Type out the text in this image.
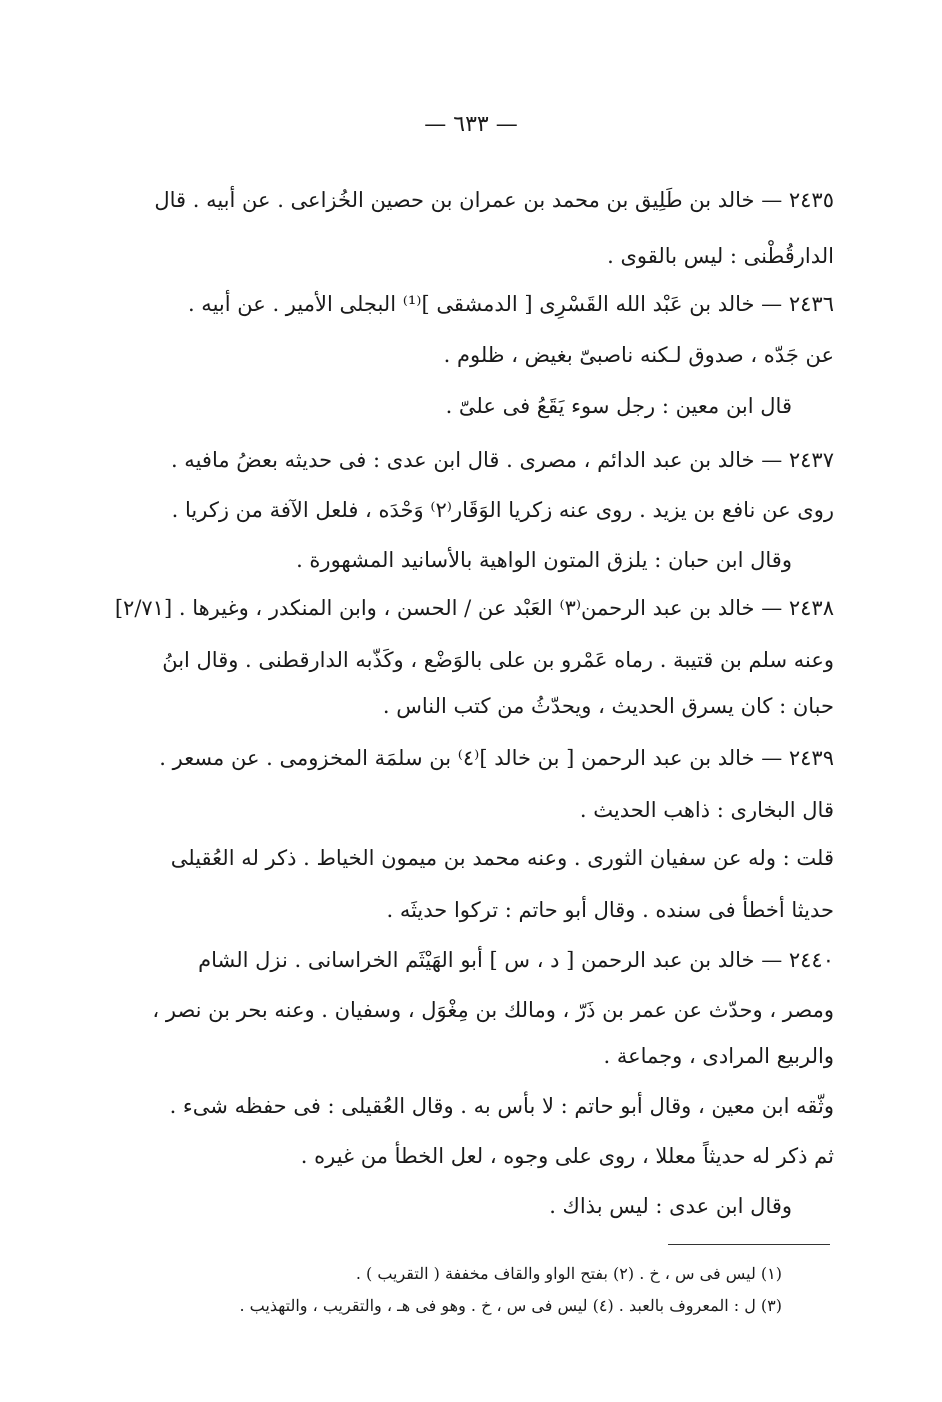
— ٦٣٣ —
٢٤٣٥ — خالد بن طَلِيق بن محمد بن عمران بن حصين الخُزاعى . عن أبيه . قال
الدارقُطْنى : ليس بالقوى .
٢٤٣٦ — خالد بن عَبْد الله القَسْرِى [ الدمشقى ]⁽¹⁾ البجلى الأمير . عن أبيه .
عن جَدّه ، صدوق لـكنه ناصبىّ بغيض ، ظلوم .
قال ابن معين : رجل سوء يَقَعُ فى علىّ .
٢٤٣٧ — خالد بن عبد الدائم ، مصرى . قال ابن عدى : فى حديثه بعضُ مافيه .
روى عن نافع بن يزيد . روى عنه زكريا الوَقَار⁽٢⁾ وَحْدَه ، فلعل الآفة من زكريا .
وقال ابن حبان : يلزق المتون الواهية بالأسانيد المشهورة .
٢٤٣٨ — خالد بن عبد الرحمن⁽٣⁾ العَبْد عن / الحسن ، وابن المنكدر ، وغيرها . [٢/٧١]
وعنه سلم بن قتيبة . رماه عَمْرو بن على بالوَضْع ، وكَذّبه الدارقطنى . وقال ابنُ
حبان : كان يسرق الحديث ، ويحدّثُ من كتب الناس .
٢٤٣٩ — خالد بن عبد الرحمن [ بن خالد ]⁽٤⁾ بن سلمَة المخزومى . عن مسعر .
قال البخارى : ذاهب الحديث .
قلت : وله عن سفيان الثورى . وعنه محمد بن ميمون الخياط . ذكر له العُقيلى
حديثا أخطأ فى سنده . وقال أبو حاتم : تركوا حديثَه .
٢٤٤٠ — خالد بن عبد الرحمن [ د ، س ] أبو الهَيْثَم الخراسانى . نزل الشام
ومصر ، وحدّث عن عمر بن ذَرّ ، ومالك بن مِغْوَل ، وسفيان . وعنه بحر بن نصر ،
والربيع المرادى ، وجماعة .
وثّقه ابن معين ، وقال أبو حاتم : لا بأس به . وقال العُقيلى : فى حفظه شىء .
ثم ذكر له حديثاً معللا ، روى على وجوه ، لعل الخطأ من غيره .
وقال ابن عدى : ليس بذاك .
(١) ليس فى س ، خ . (٢) بفتح الواو والقاف مخففة ( التقريب ) .
(٣) ل : المعروف بالعبد . (٤) ليس فى س ، خ . وهو فى هـ ، والتقريب ، والتهذيب .
